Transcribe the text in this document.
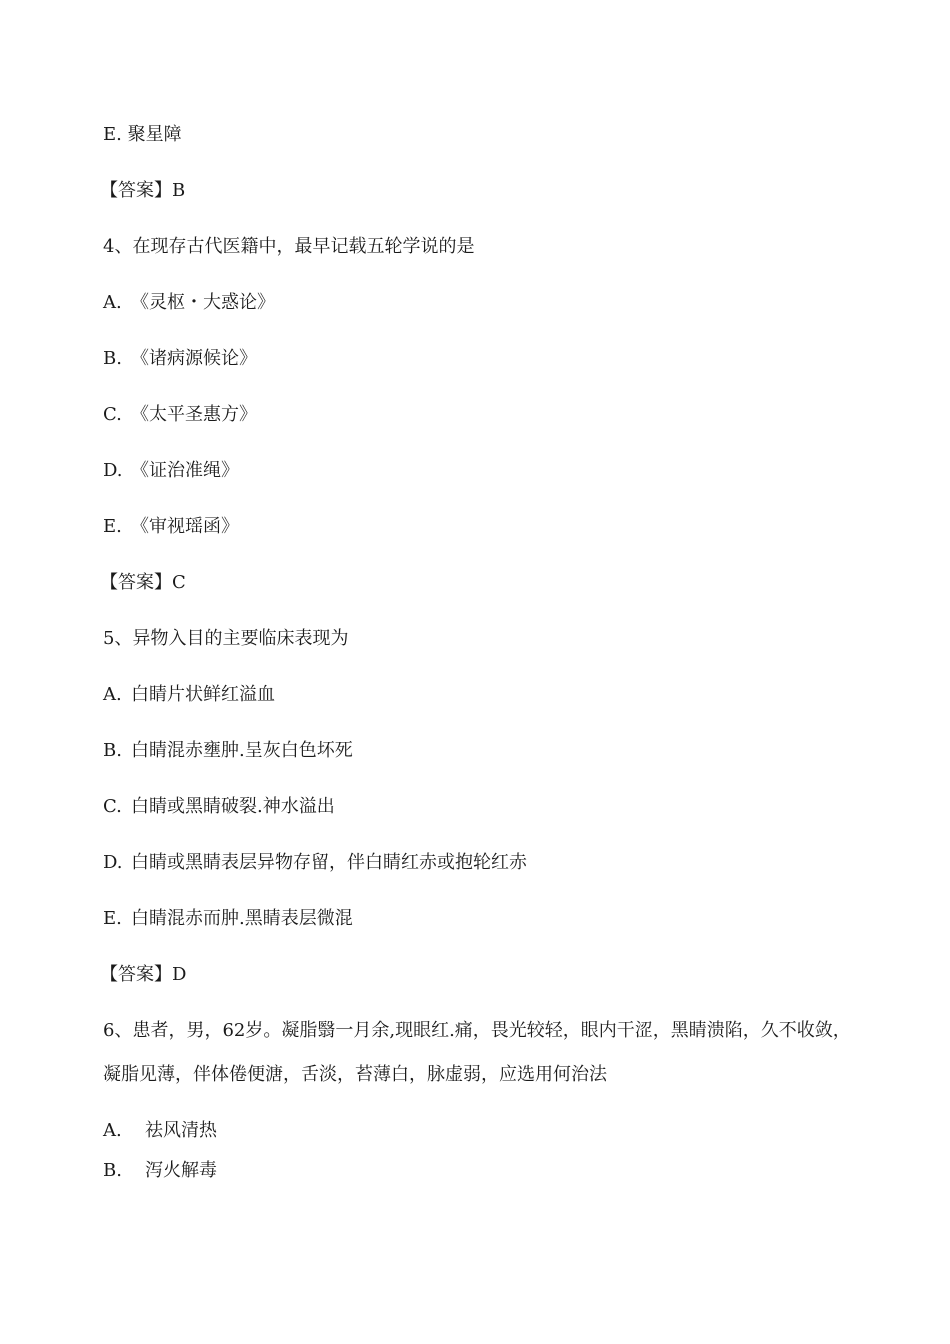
E. 聚星障
【答案】B
4、在现存古代医籍中，最早记载五轮学说的是
A. 《灵枢・大惑论》
B. 《诸病源候论》
C. 《太平圣惠方》
D. 《证治准绳》
E. 《审视瑶函》
【答案】C
5、异物入目的主要临床表现为
A. 白睛片状鲜红溢血
B. 白睛混赤壅肿.呈灰白色坏死
C. 白睛或黑睛破裂.神水溢出
D. 白睛或黑睛表层异物存留，伴白睛红赤或抱轮红赤
E. 白睛混赤而肿.黑睛表层微混
【答案】D
6、患者，男，62岁。凝脂翳一月余,现眼红.痛，畏光较轻，眼内干涩，黑睛溃陷，久不收敛，凝脂见薄，伴体倦便溏，舌淡，苔薄白，脉虚弱，应选用何治法
A. 祛风清热
B. 泻火解毒
